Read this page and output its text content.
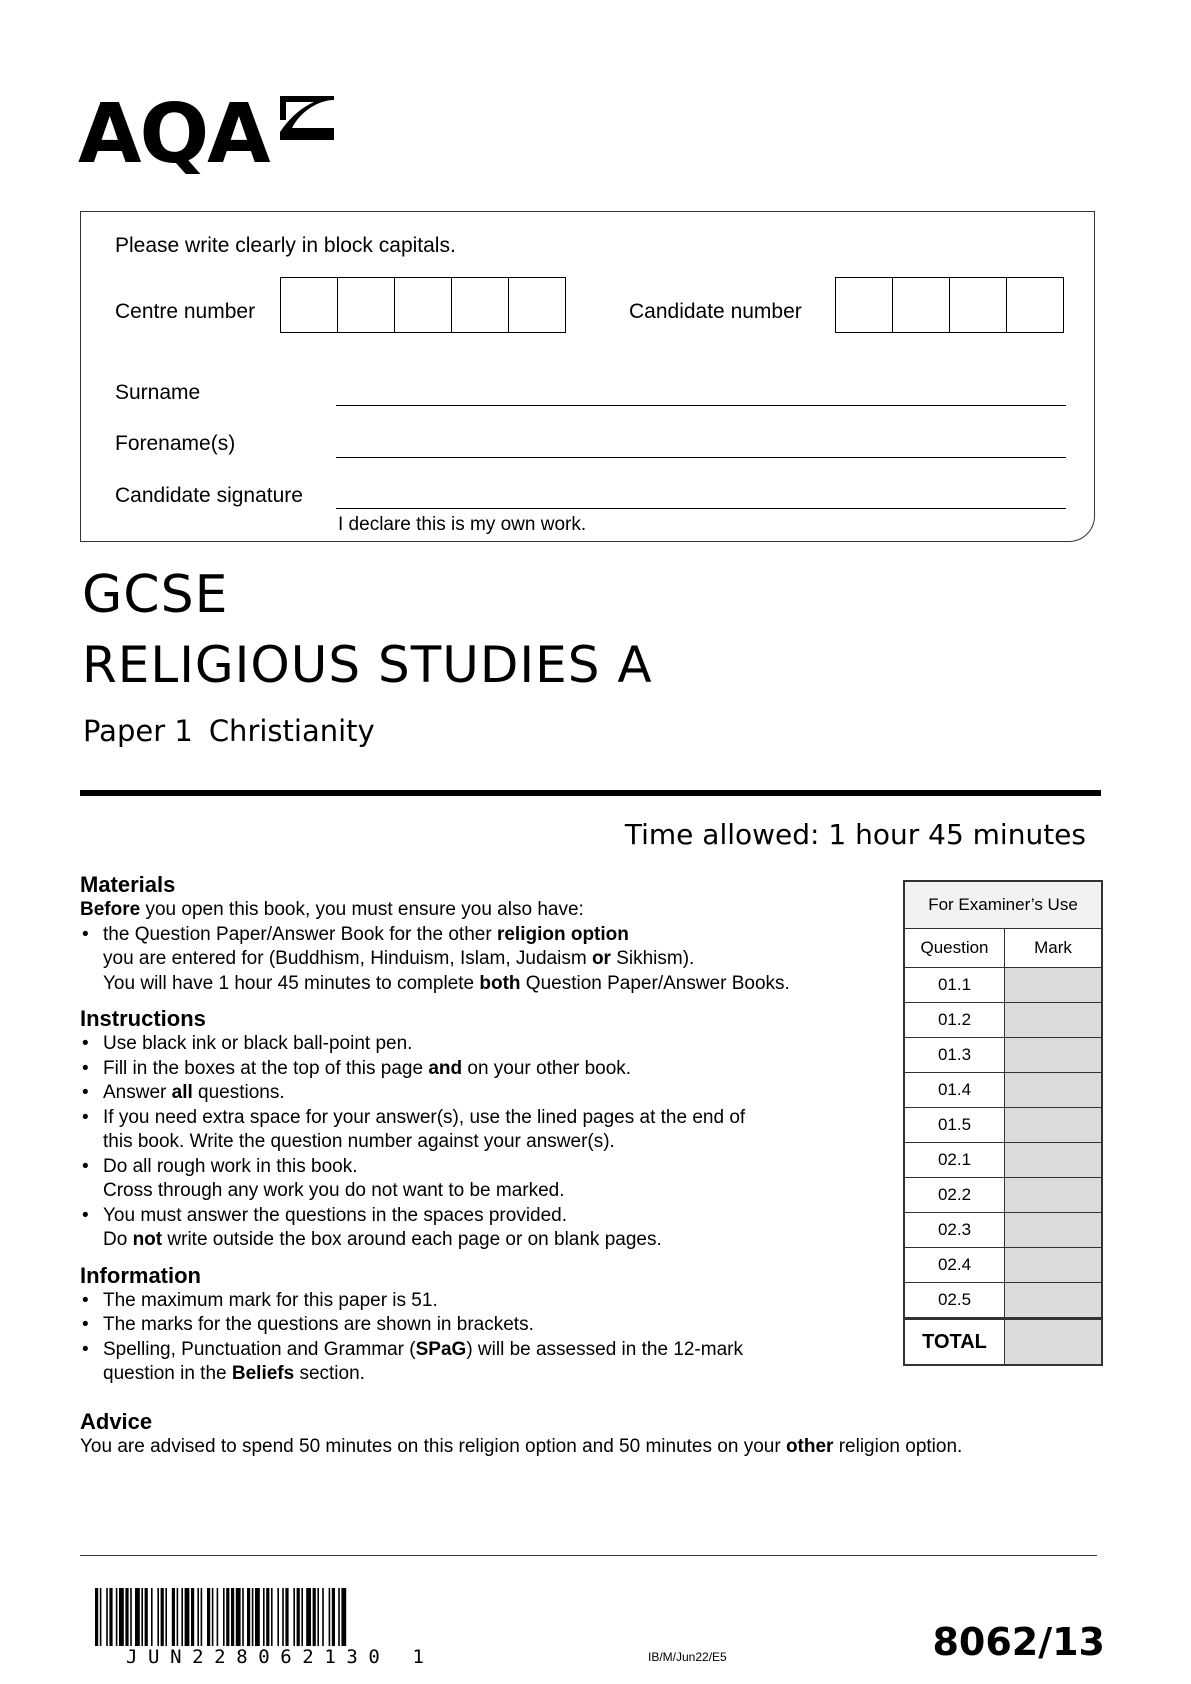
AQA
Please write clearly in block capitals.
Centre number	Candidate number
Surname
Forename(s)
Candidate signature
I declare this is my own work.
GCSE
RELIGIOUS STUDIES A
Paper 1 Christianity
Time allowed: 1 hour 45 minutes

Materials

Before you open this book, you must ensure you also have:

• the Question Paper/Answer Book for the other religion option

you are entered for (Buddhism, Hinduism, Islam, Judaism or Sikhism).

You will have 1 hour 45 minutes to complete both Question Paper/Answer Books.

Instructions

• Use black ink or black ball-point pen.
• Fill in the boxes at the top of this page and on your other book.
• Answer all questions.
• If you need extra space for your answer(s), use the lined pages at the end of

this book. Write the question number against your answer(s).

• Do all rough work in this book.

Cross through any work you do not want to be marked.

• You must answer the questions in the spaces provided.

Do not write outside the box around each page or on blank pages.

Information

• The maximum mark for this paper is 51.
• The marks for the questions are shown in brackets.
• Spelling, Punctuation and Grammar (SPaG) will be assessed in the 12-mark

question in the Beliefs section.

Advice

You are advised to spend 50 minutes on this religion option and 50 minutes on your other religion option.

For Examiner’s Use
Question	Mark
01.1
01.2
01.3
01.4
01.5
02.1
02.2
02.3
02.4
02.5
TOTAL
JUN228062130 1	IB/M/Jun22/E5	8062/13
